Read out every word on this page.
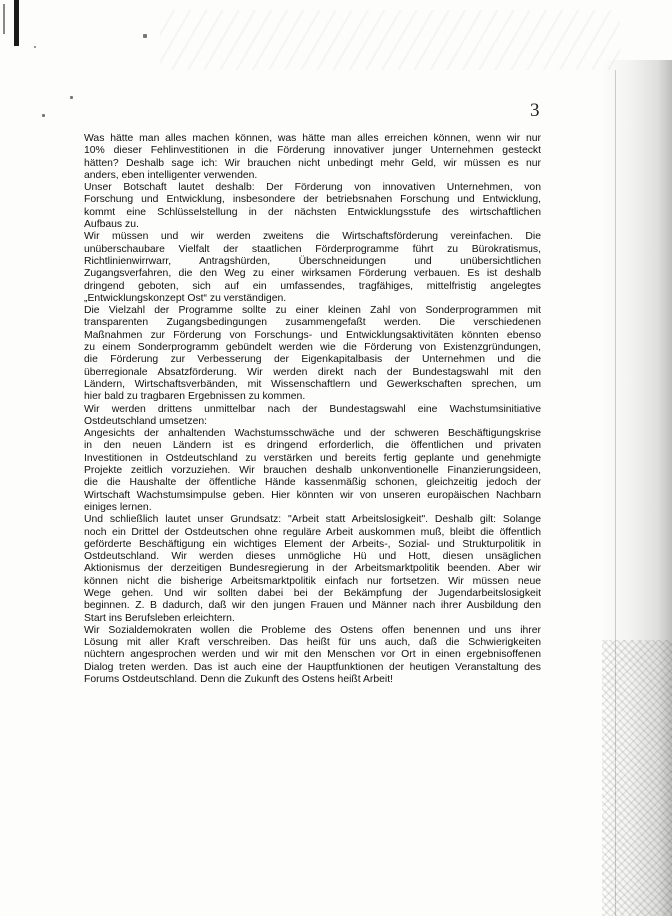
3

Was hätte man alles machen können, was hätte man alles erreichen können, wenn wir nur
10% dieser Fehlinvestitionen in die Förderung innovativer junger Unternehmen gesteckt
hätten? Deshalb sage ich: Wir brauchen nicht unbedingt mehr Geld, wir müssen es nur
anders, eben intelligenter verwenden.

Unser Botschaft lautet deshalb: Der Förderung von innovativen Unternehmen, von
Forschung und Entwicklung, insbesondere der betriebsnahen Forschung und Entwicklung,
kommt eine Schlüsselstellung in der nächsten Entwicklungsstufe des wirtschaftlichen
Aufbaus zu.

Wir müssen und wir werden zweitens die Wirtschaftsförderung vereinfachen. Die
unüberschaubare Vielfalt der staatlichen Förderprogramme führt zu Bürokratismus,
Richtlinienwirrwarr, Antragshürden, Überschneidungen und unübersichtlichen
Zugangsverfahren, die den Weg zu einer wirksamen Förderung verbauen. Es ist deshalb
dringend geboten, sich auf ein umfassendes, tragfähiges, mittelfristig angelegtes
„Entwicklungskonzept Ost“ zu verständigen.

Die Vielzahl der Programme sollte zu einer kleinen Zahl von Sonderprogrammen mit
transparenten Zugangsbedingungen zusammengefaßt werden. Die verschiedenen
Maßnahmen zur Förderung von Forschungs- und Entwicklungsaktivitäten könnten ebenso
zu einem Sonderprogramm gebündelt werden wie die Förderung von Existenzgründungen,
die Förderung zur Verbesserung der Eigenkapitalbasis der Unternehmen und die
überregionale Absatzförderung. Wir werden direkt nach der Bundestagswahl mit den
Ländern, Wirtschaftsverbänden, mit Wissenschaftlern und Gewerkschaften sprechen, um
hier bald zu tragbaren Ergebnissen zu kommen.

Wir werden drittens unmittelbar nach der Bundestagswahl eine Wachstumsinitiative
Ostdeutschland umsetzen:

Angesichts der anhaltenden Wachstumsschwäche und der schweren Beschäftigungskrise
in den neuen Ländern ist es dringend erforderlich, die öffentlichen und privaten
Investitionen in Ostdeutschland zu verstärken und bereits fertig geplante und genehmigte
Projekte zeitlich vorzuziehen. Wir brauchen deshalb unkonventionelle Finanzierungsideen,
die die Haushalte der öffentliche Hände kassenmäßig schonen, gleichzeitig jedoch der
Wirtschaft Wachstumsimpulse geben. Hier könnten wir von unseren europäischen Nachbarn
einiges lernen.

Und schließlich lautet unser Grundsatz: "Arbeit statt Arbeitslosigkeit". Deshalb gilt: Solange
noch ein Drittel der Ostdeutschen ohne reguläre Arbeit auskommen muß, bleibt die öffentlich
geförderte Beschäftigung ein wichtiges Element der Arbeits-, Sozial- und Strukturpolitik in
Ostdeutschland. Wir werden dieses unmögliche Hü und Hott, diesen unsäglichen
Aktionismus der derzeitigen Bundesregierung in der Arbeitsmarktpolitik beenden. Aber wir
können nicht die bisherige Arbeitsmarktpolitik einfach nur fortsetzen. Wir müssen neue
Wege gehen. Und wir sollten dabei bei der Bekämpfung der Jugendarbeitslosigkeit
beginnen. Z. B dadurch, daß wir den jungen Frauen und Männer nach ihrer Ausbildung den
Start ins Berufsleben erleichtern.

Wir Sozialdemokraten wollen die Probleme des Ostens offen benennen und uns ihrer
Lösung mit aller Kraft verschreiben. Das heißt für uns auch, daß die Schwierigkeiten
nüchtern angesprochen werden und wir mit den Menschen vor Ort in einen ergebnisoffenen
Dialog treten werden. Das ist auch eine der Hauptfunktionen der heutigen Veranstaltung des
Forums Ostdeutschland. Denn die Zukunft des Ostens heißt Arbeit!
